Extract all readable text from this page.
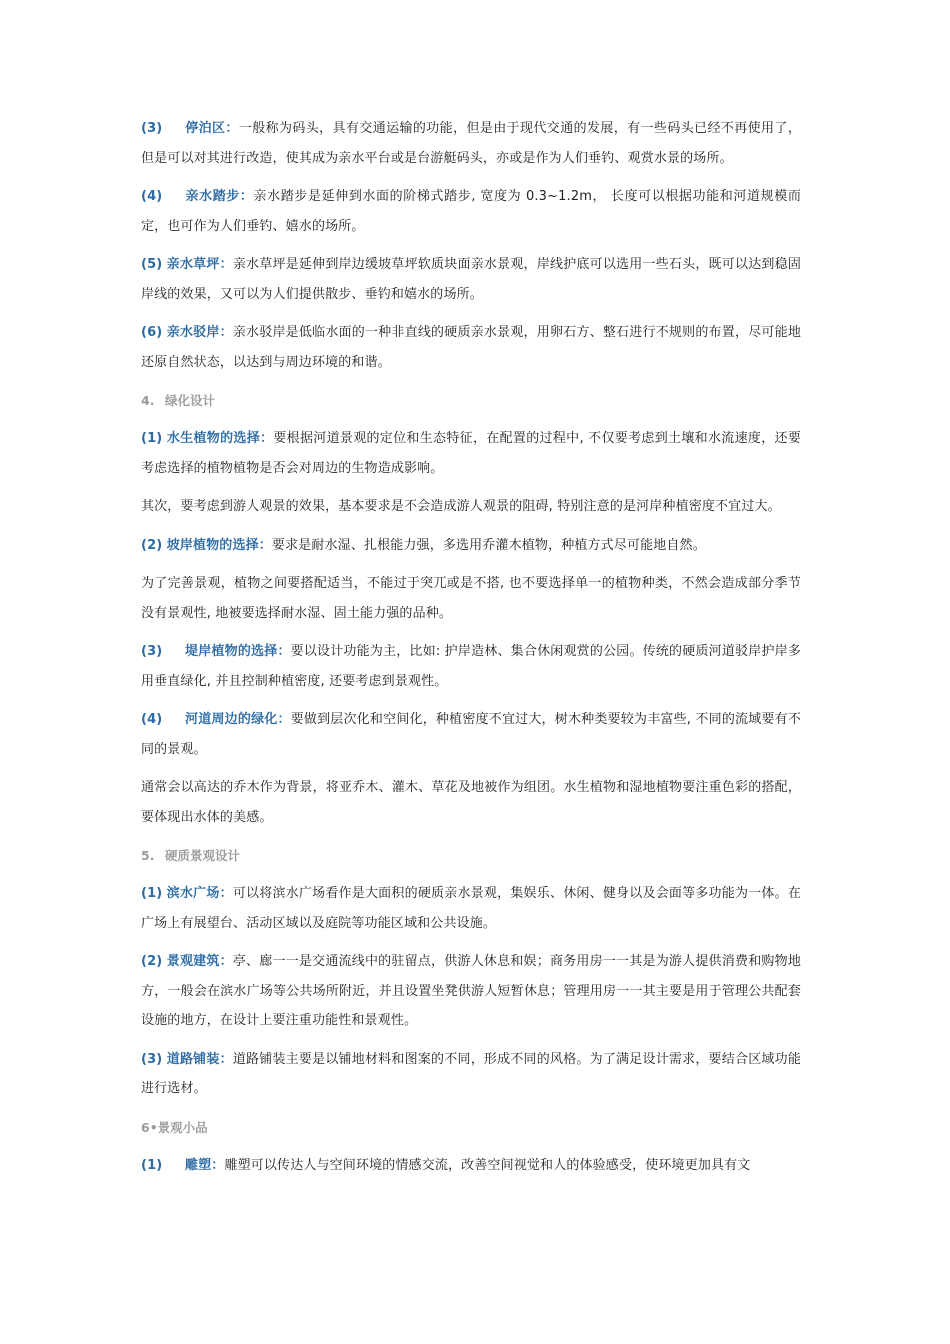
(3) 停泊区：一般称为码头，具有交通运输的功能，但是由于现代交通的发展，有一些码头已经不再使用了，但是可以对其进行改造，使其成为亲水平台或是台游艇码头，亦或是作为人们垂钓、观赏水景的场所。

(4) 亲水踏步：亲水踏步是延伸到水面的阶梯式踏步, 宽度为 0.3~1.2m， 长度可以根据功能和河道规模而定，也可作为人们垂钓、嬉水的场所。

(5) 亲水草坪：亲水草坪是延伸到岸边缓坡草坪软质块面亲水景观，岸线护底可以选用一些石头，既可以达到稳固岸线的效果，又可以为人们提供散步、垂钓和嬉水的场所。

(6) 亲水驳岸：亲水驳岸是低临水面的一种非直线的硬质亲水景观，用卵石方、整石进行不规则的布置，尽可能地还原自然状态，以达到与周边环境的和谐。

4. 绿化设计

(1) 水生植物的选择：要根据河道景观的定位和生态特征，在配置的过程中, 不仅要考虑到土壤和水流速度，还要考虑选择的植物植物是否会对周边的生物造成影响。

其次，要考虑到游人观景的效果，基本要求是不会造成游人观景的阻碍, 特别注意的是河岸种植密度不宜过大。

(2) 坡岸植物的选择：要求是耐水湿、扎根能力强，多选用乔灌木植物，种植方式尽可能地自然。

为了完善景观，植物之间要搭配适当，不能过于突兀或是不搭, 也不要选择单一的植物种类，不然会造成部分季节没有景观性, 地被要选择耐水湿、固土能力强的品种。

(3) 堤岸植物的选择：要以设计功能为主，比如: 护岸造林、集合休闲观赏的公园。传统的硬质河道驳岸护岸多用垂直绿化, 并且控制种植密度, 还要考虑到景观性。

(4) 河道周边的绿化：要做到层次化和空间化，种植密度不宜过大，树木种类要较为丰富些, 不同的流域要有不同的景观。

通常会以高达的乔木作为背景，将亚乔木、灌木、草花及地被作为组团。水生植物和湿地植物要注重色彩的搭配，要体现出水体的美感。

5. 硬质景观设计

(1) 滨水广场：可以将滨水广场看作是大面积的硬质亲水景观，集娱乐、休闲、健身以及会面等多功能为一体。在广场上有展望台、活动区域以及庭院等功能区域和公共设施。

(2) 景观建筑：亭、廊一一是交通流线中的驻留点，供游人休息和娱；商务用房一一其是为游人提供消费和购物地方，一般会在滨水广场等公共场所附近，并且设置坐凳供游人短暂休息；管理用房一一其主要是用于管理公共配套设施的地方，在设计上要注重功能性和景观性。

(3) 道路铺装：道路铺装主要是以铺地材料和图案的不同，形成不同的风格。为了满足设计需求，要结合区域功能进行选材。

6•景观小品

(1) 雕塑：雕塑可以传达人与空间环境的情感交流，改善空间视觉和人的体验感受，使环境更加具有文
